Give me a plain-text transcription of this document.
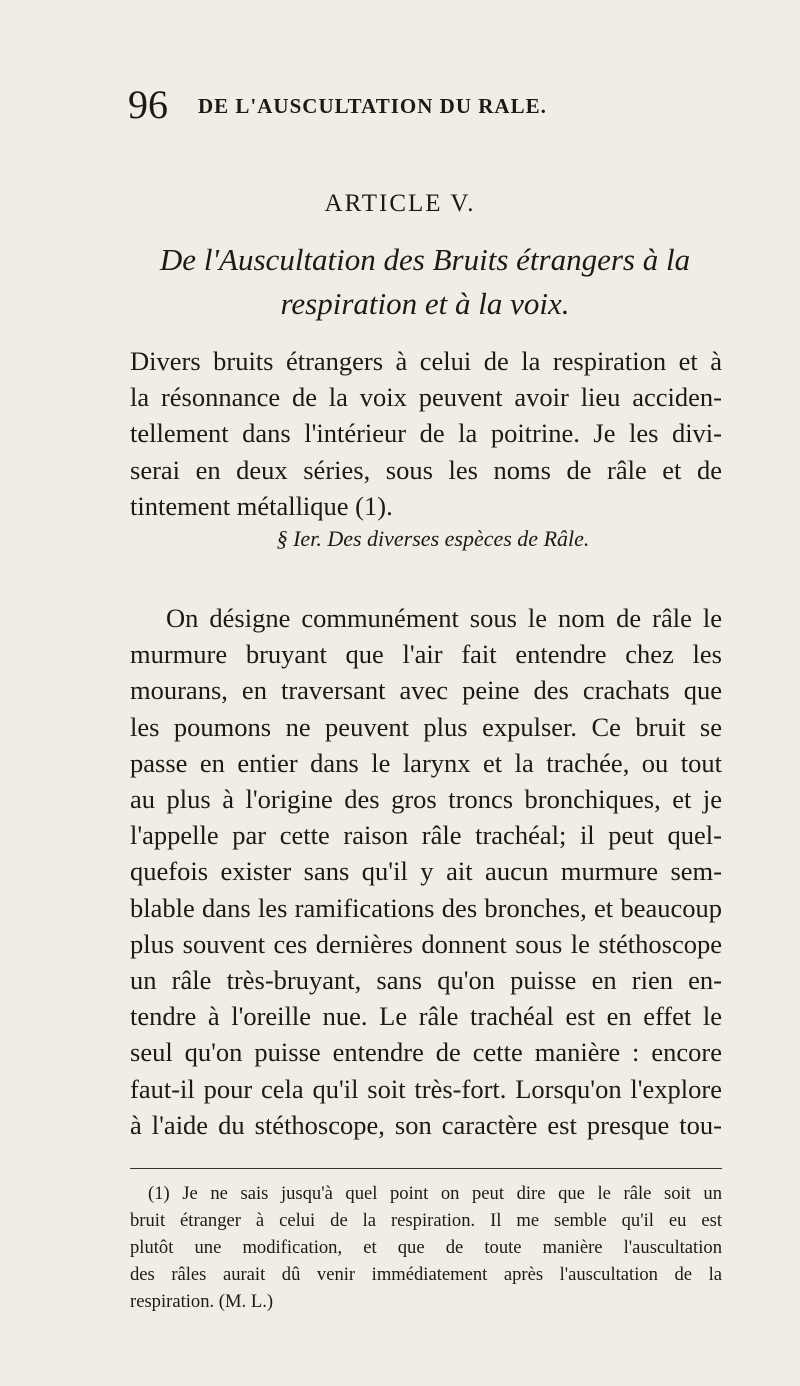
96 DE L'AUSCULTATION DU RALE.
ARTICLE V.
De l'Auscultation des Bruits étrangers à la
respiration et à la voix.
Divers bruits étrangers à celui de la respiration et à
la résonnance de la voix peuvent avoir lieu acciden-
tellement dans l'intérieur de la poitrine. Je les divi-
serai en deux séries, sous les noms de râle et de
tintement métallique (1).
§ Ier. Des diverses espèces de Râle.
On désigne communément sous le nom de râle le
murmure bruyant que l'air fait entendre chez les
mourans, en traversant avec peine des crachats que
les poumons ne peuvent plus expulser. Ce bruit se
passe en entier dans le larynx et la trachée, ou tout
au plus à l'origine des gros troncs bronchiques, et je
l'appelle par cette raison râle trachéal; il peut quel-
quefois exister sans qu'il y ait aucun murmure sem-
blable dans les ramifications des bronches, et beaucoup
plus souvent ces dernières donnent sous le stéthoscope
un râle très-bruyant, sans qu'on puisse en rien en-
tendre à l'oreille nue. Le râle trachéal est en effet le
seul qu'on puisse entendre de cette manière : encore
faut-il pour cela qu'il soit très-fort. Lorsqu'on l'explore
à l'aide du stéthoscope, son caractère est presque tou-
(1) Je ne sais jusqu'à quel point on peut dire que le râle soit un
bruit étranger à celui de la respiration. Il me semble qu'il eu est
plutôt une modification, et que de toute manière l'auscultation
des râles aurait dû venir immédiatement après l'auscultation de la
respiration. (M. L.)
